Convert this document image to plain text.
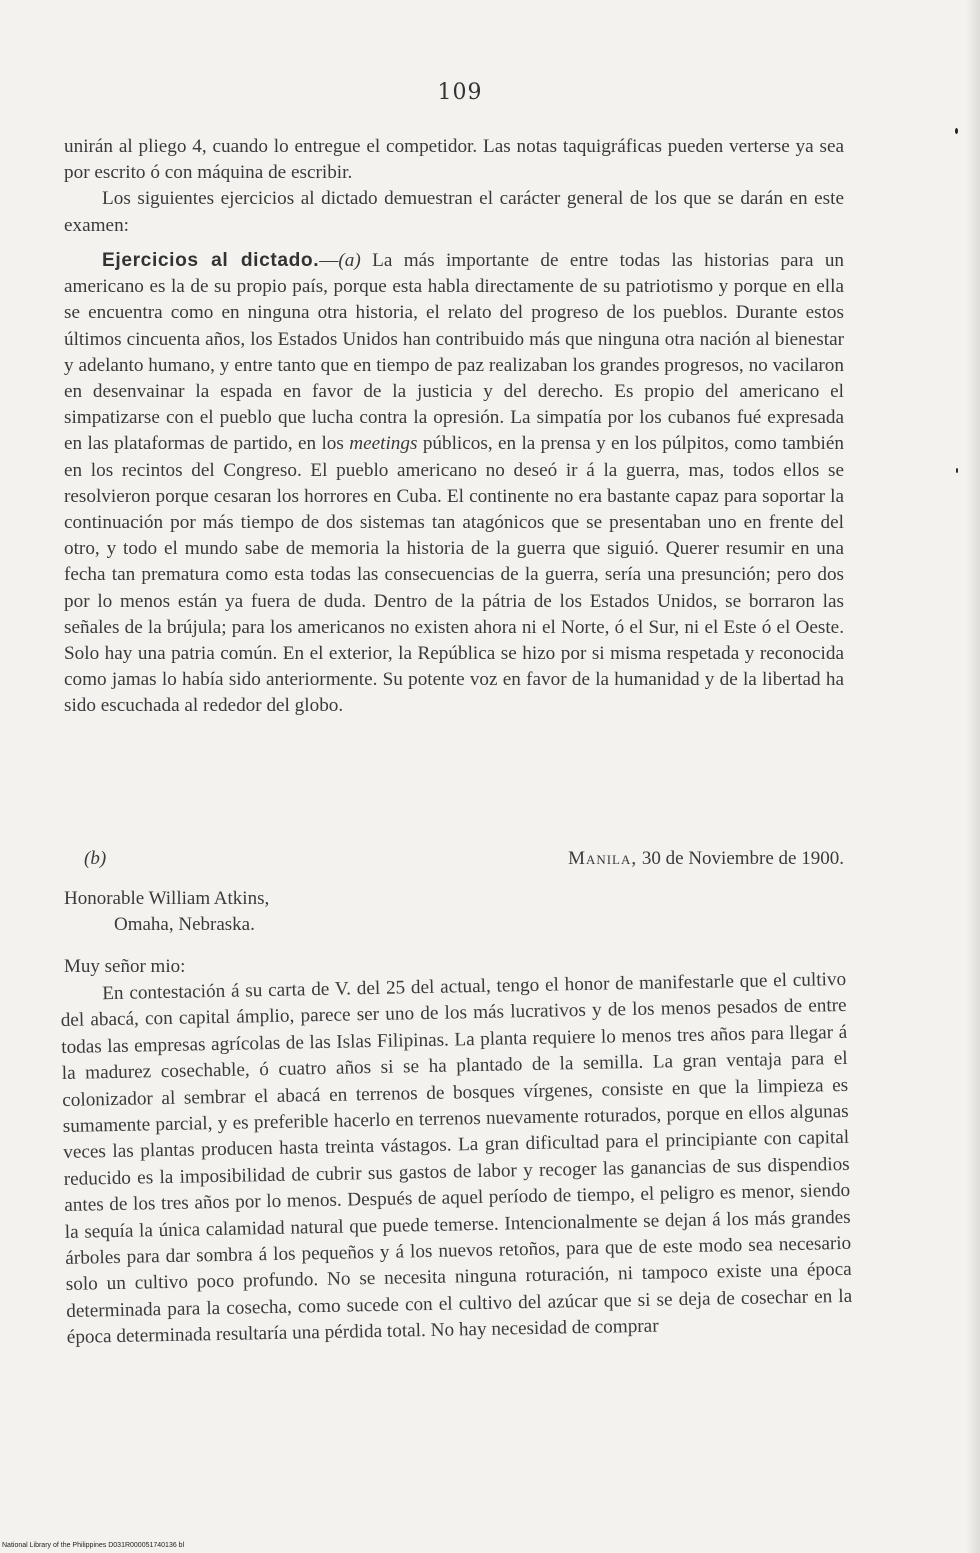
109

unirán al pliego 4, cuando lo entregue el competidor. Las notas taquigráficas pueden verterse ya sea por escrito ó con máquina de escribir.

Los siguientes ejercicios al dictado demuestran el carácter general de los que se darán en este examen:

Ejercicios al dictado.—(a) La más importante de entre todas las historias para un americano es la de su propio país, porque esta habla directamente de su patriotismo y porque en ella se encuentra como en ninguna otra historia, el relato del progreso de los pueblos. Durante estos últimos cincuenta años, los Estados Unidos han contribuido más que ninguna otra nación al bienestar y adelanto humano, y entre tanto que en tiempo de paz realizaban los grandes progresos, no vacilaron en desenvainar la espada en favor de la justicia y del derecho. Es propio del americano el simpatizarse con el pueblo que lucha contra la opresión. La simpatía por los cubanos fué expresada en las plataformas de partido, en los meetings públicos, en la prensa y en los púlpitos, como también en los recintos del Congreso. El pueblo americano no deseó ir á la guerra, mas, todos ellos se resolvieron porque cesaran los horrores en Cuba. El continente no era bastante capaz para soportar la continuación por más tiempo de dos sistemas tan atagónicos que se presentaban uno en frente del otro, y todo el mundo sabe de memoria la historia de la guerra que siguió. Querer resumir en una fecha tan prematura como esta todas las consecuencias de la guerra, sería una presunción; pero dos por lo menos están ya fuera de duda. Dentro de la pátria de los Estados Unidos, se borraron las señales de la brújula; para los americanos no existen ahora ni el Norte, ó el Sur, ni el Este ó el Oeste. Solo hay una patria común. En el exterior, la República se hizo por si misma respetada y reconocida como jamas lo había sido anteriormente. Su potente voz en favor de la humanidad y de la libertad ha sido escuchada al rededor del globo.

(b)	Manila, 30 de Noviembre de 1900.
Honorable William Atkins,
Omaha, Nebraska.
Muy señor mio:

En contestación á su carta de V. del 25 del actual, tengo el honor de manifestarle que el cultivo del abacá, con capital ámplio, parece ser uno de los más lucrativos y de los menos pesados de entre todas las empresas agrícolas de las Islas Filipinas. La planta requiere lo menos tres años para llegar á la madurez cosechable, ó cuatro años si se ha plantado de la semilla. La gran ventaja para el colonizador al sembrar el abacá en terrenos de bosques vírgenes, consiste en que la limpieza es sumamente parcial, y es preferible hacerlo en terrenos nuevamente roturados, porque en ellos algunas veces las plantas producen hasta treinta vástagos. La gran dificultad para el principiante con capital reducido es la imposibilidad de cubrir sus gastos de labor y recoger las ganancias de sus dispendios antes de los tres años por lo menos. Después de aquel período de tiempo, el peligro es menor, siendo la sequía la única calamidad natural que puede temerse. Intencionalmente se dejan á los más grandes árboles para dar sombra á los pequeños y á los nuevos retoños, para que de este modo sea necesario solo un cultivo poco profundo. No se necesita ninguna roturación, ni tampoco existe una época determinada para la cosecha, como sucede con el cultivo del azúcar que si se deja de cosechar en la época determinada resultaría una pérdida total. No hay necesidad de comprar

National Library of the Philippines D031R000051740136 bl
